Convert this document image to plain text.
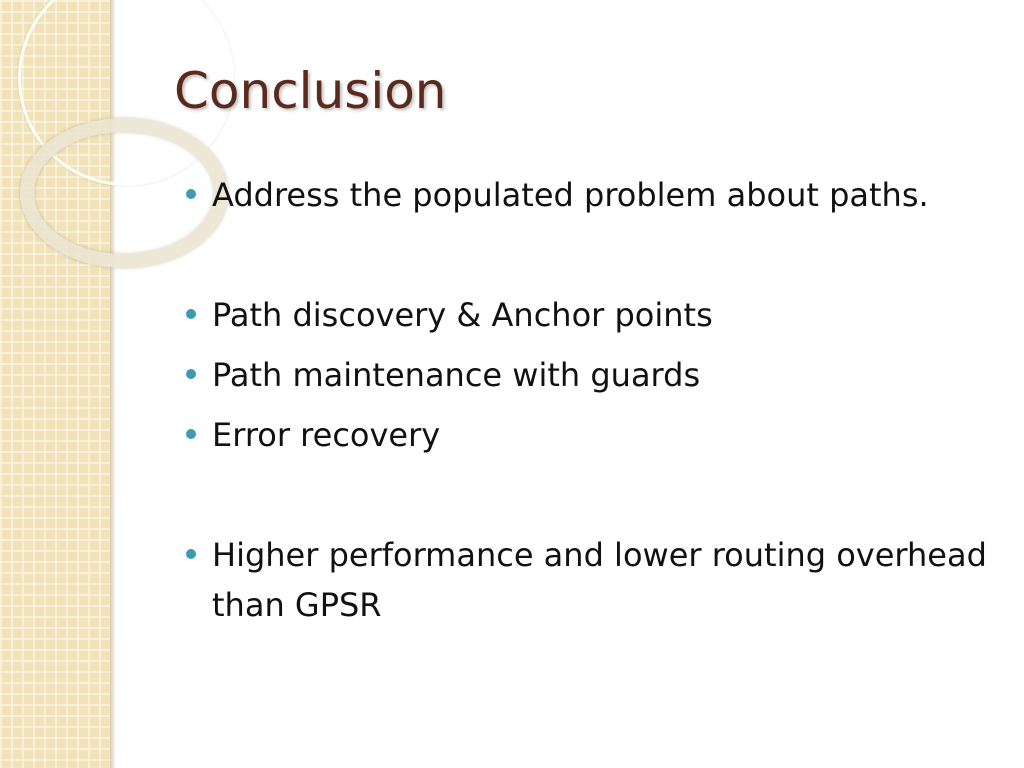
Conclusion
Address the populated problem about paths.
Path discovery & Anchor points
Path maintenance with guards
Error recovery
Higher performance and lower routing overhead than GPSR
